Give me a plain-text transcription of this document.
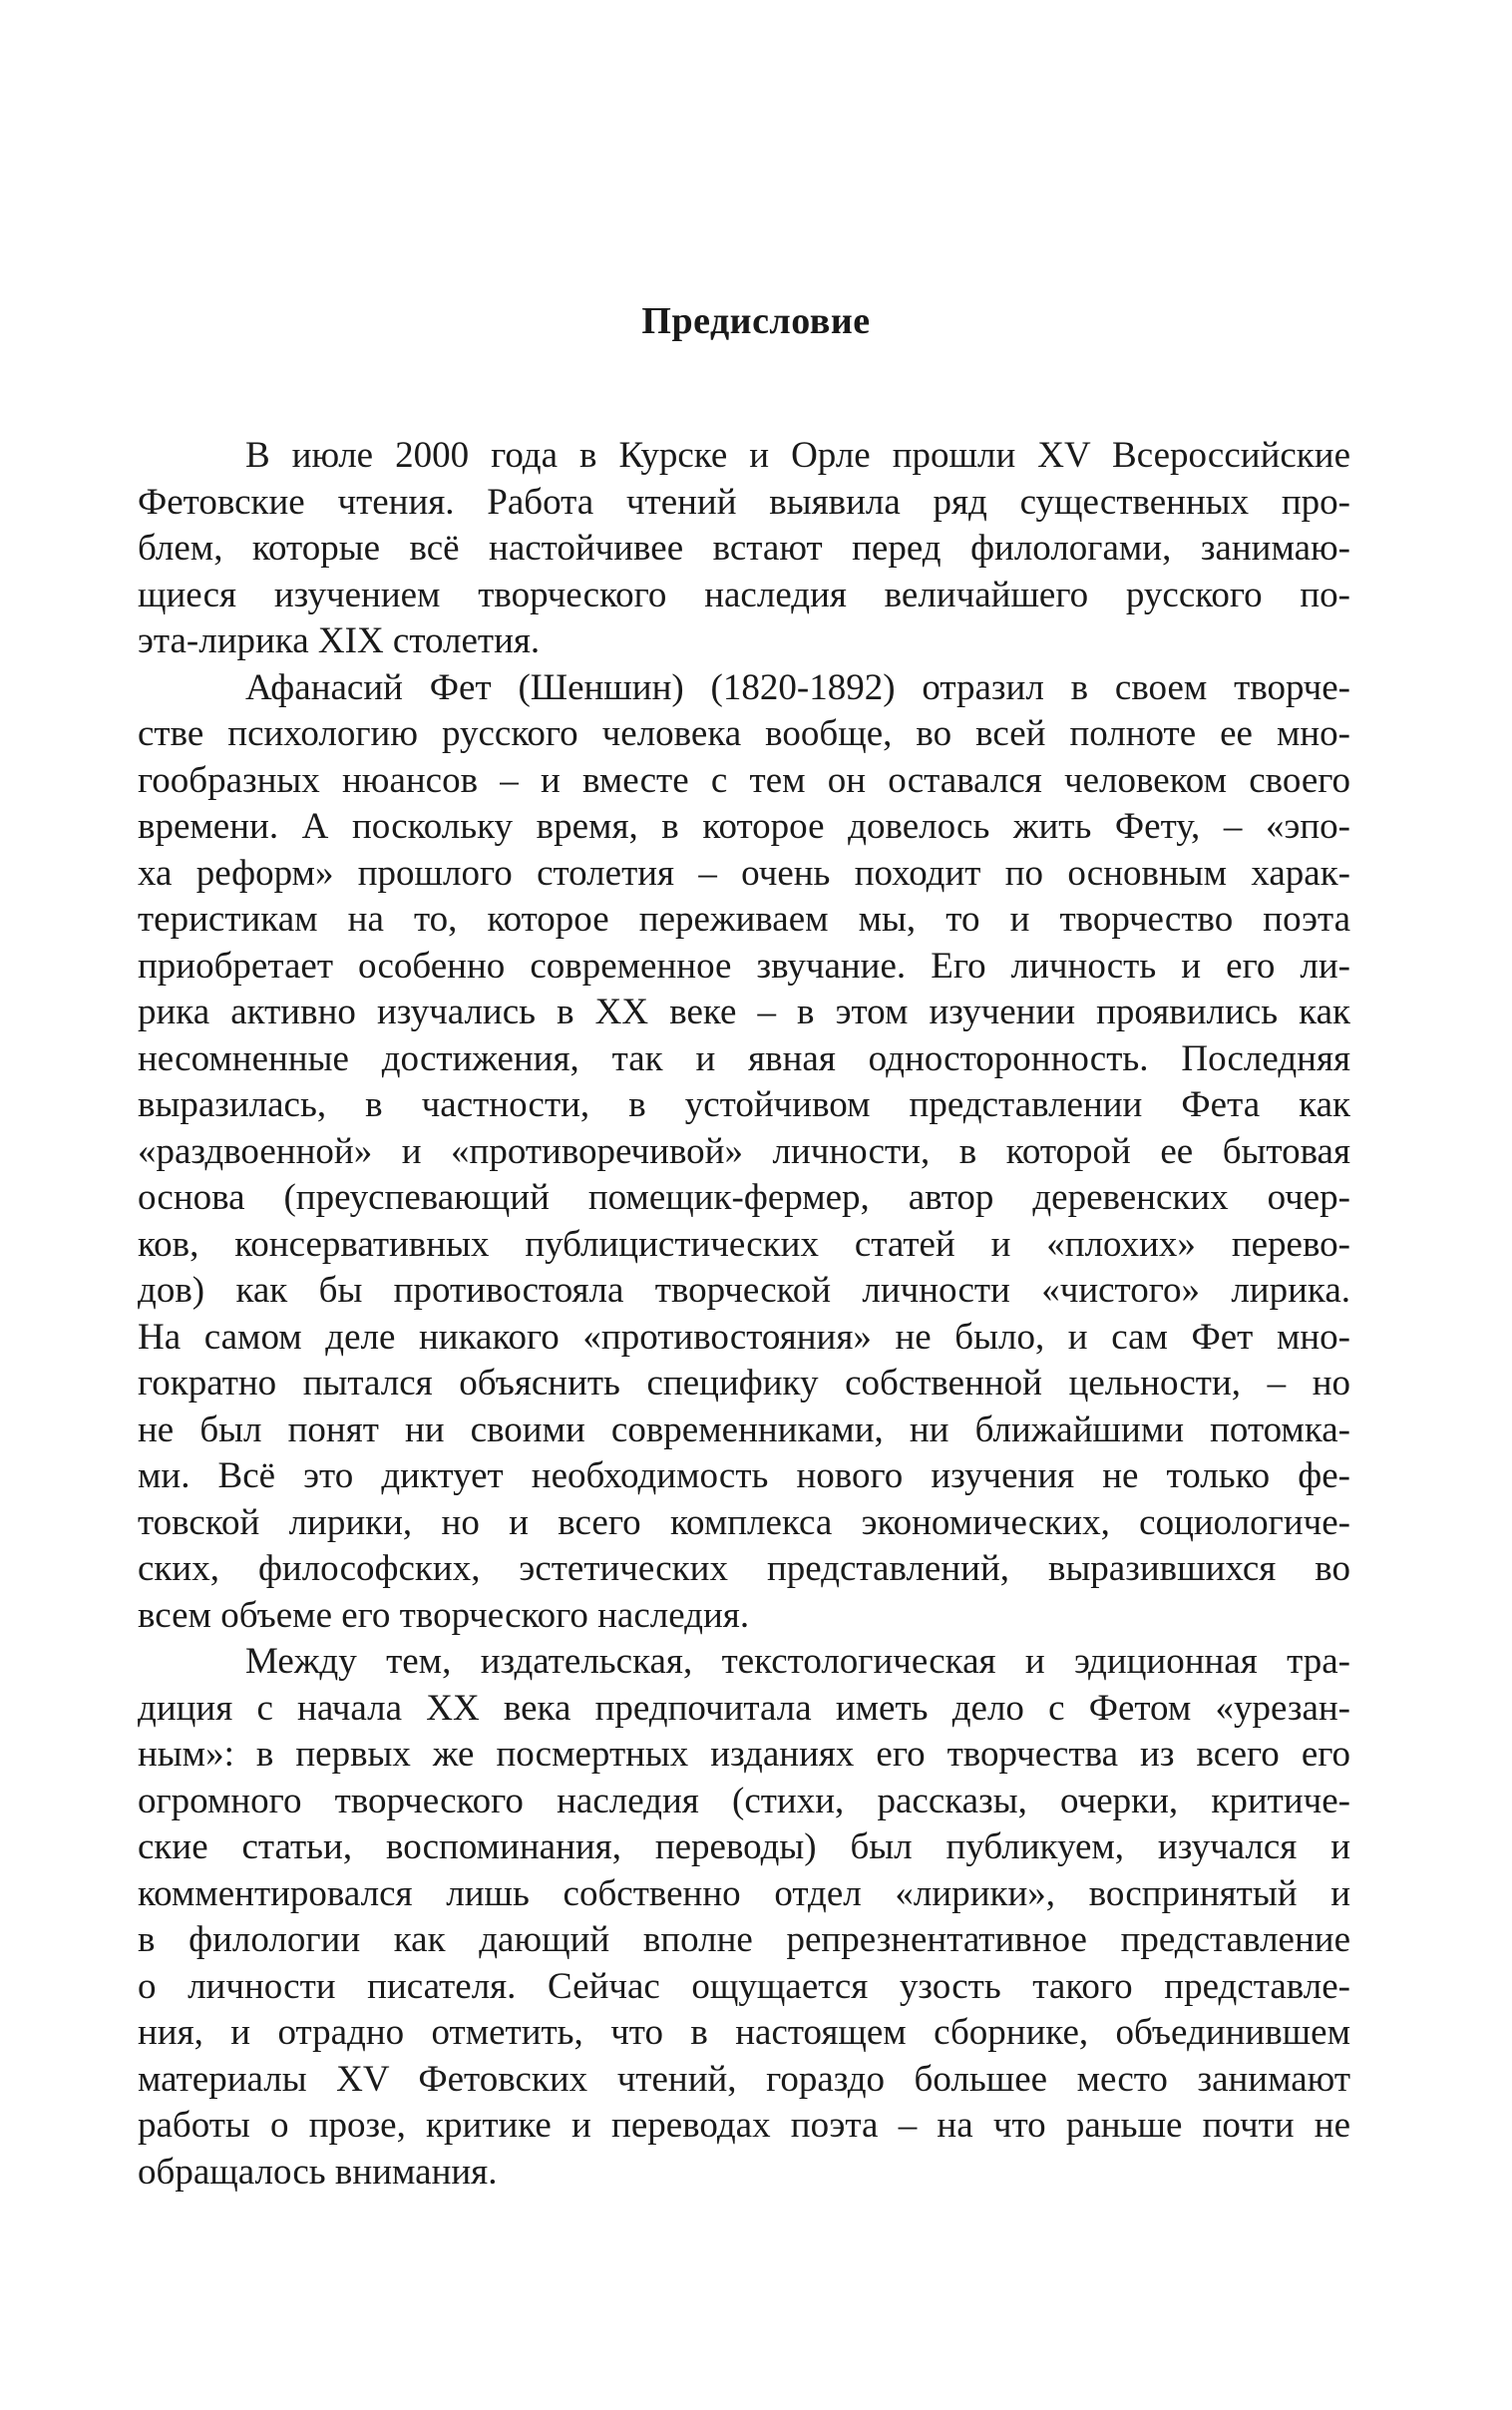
Предисловие
В июле 2000 года в Курске и Орле прошли XV Всероссийские
Фетовские чтения. Работа чтений выявила ряд существенных про-
блем, которые всё настойчивее встают перед филологами, занимаю-
щиеся изучением творческого наследия величайшего русского по-
эта-лирика XIX столетия.
Афанасий Фет (Шеншин) (1820-1892) отразил в своем творче-
стве психологию русского человека вообще, во всей полноте ее мно-
гообразных нюансов – и вместе с тем он оставался человеком своего
времени. А поскольку время, в которое довелось жить Фету, – «эпо-
ха реформ» прошлого столетия – очень походит по основным харак-
теристикам на то, которое переживаем мы, то и творчество поэта
приобретает особенно современное звучание. Его личность и его ли-
рика активно изучались в XX веке – в этом изучении проявились как
несомненные достижения, так и явная односторонность. Последняя
выразилась, в частности, в устойчивом представлении Фета как
«раздвоенной» и «противоречивой» личности, в которой ее бытовая
основа (преуспевающий помещик-фермер, автор деревенских очер-
ков, консервативных публицистических статей и «плохих» перево-
дов) как бы противостояла творческой личности «чистого» лирика.
На самом деле никакого «противостояния» не было, и сам Фет мно-
гократно пытался объяснить специфику собственной цельности, – но
не был понят ни своими современниками, ни ближайшими потомка-
ми. Всё это диктует необходимость нового изучения не только фе-
товской лирики, но и всего комплекса экономических, социологиче-
ских, философских, эстетических представлений, выразившихся во
всем объеме его творческого наследия.
Между тем, издательская, текстологическая и эдиционная тра-
диция с начала XX века предпочитала иметь дело с Фетом «урезан-
ным»: в первых же посмертных изданиях его творчества из всего его
огромного творческого наследия (стихи, рассказы, очерки, критиче-
ские статьи, воспоминания, переводы) был публикуем, изучался и
комментировался лишь собственно отдел «лирики», воспринятый и
в филологии как дающий вполне репрезнентативное представление
о личности писателя. Сейчас ощущается узость такого представле-
ния, и отрадно отметить, что в настоящем сборнике, объединившем
материалы XV Фетовских чтений, гораздо большее место занимают
работы о прозе, критике и переводах поэта – на что раньше почти не
обращалось внимания.
